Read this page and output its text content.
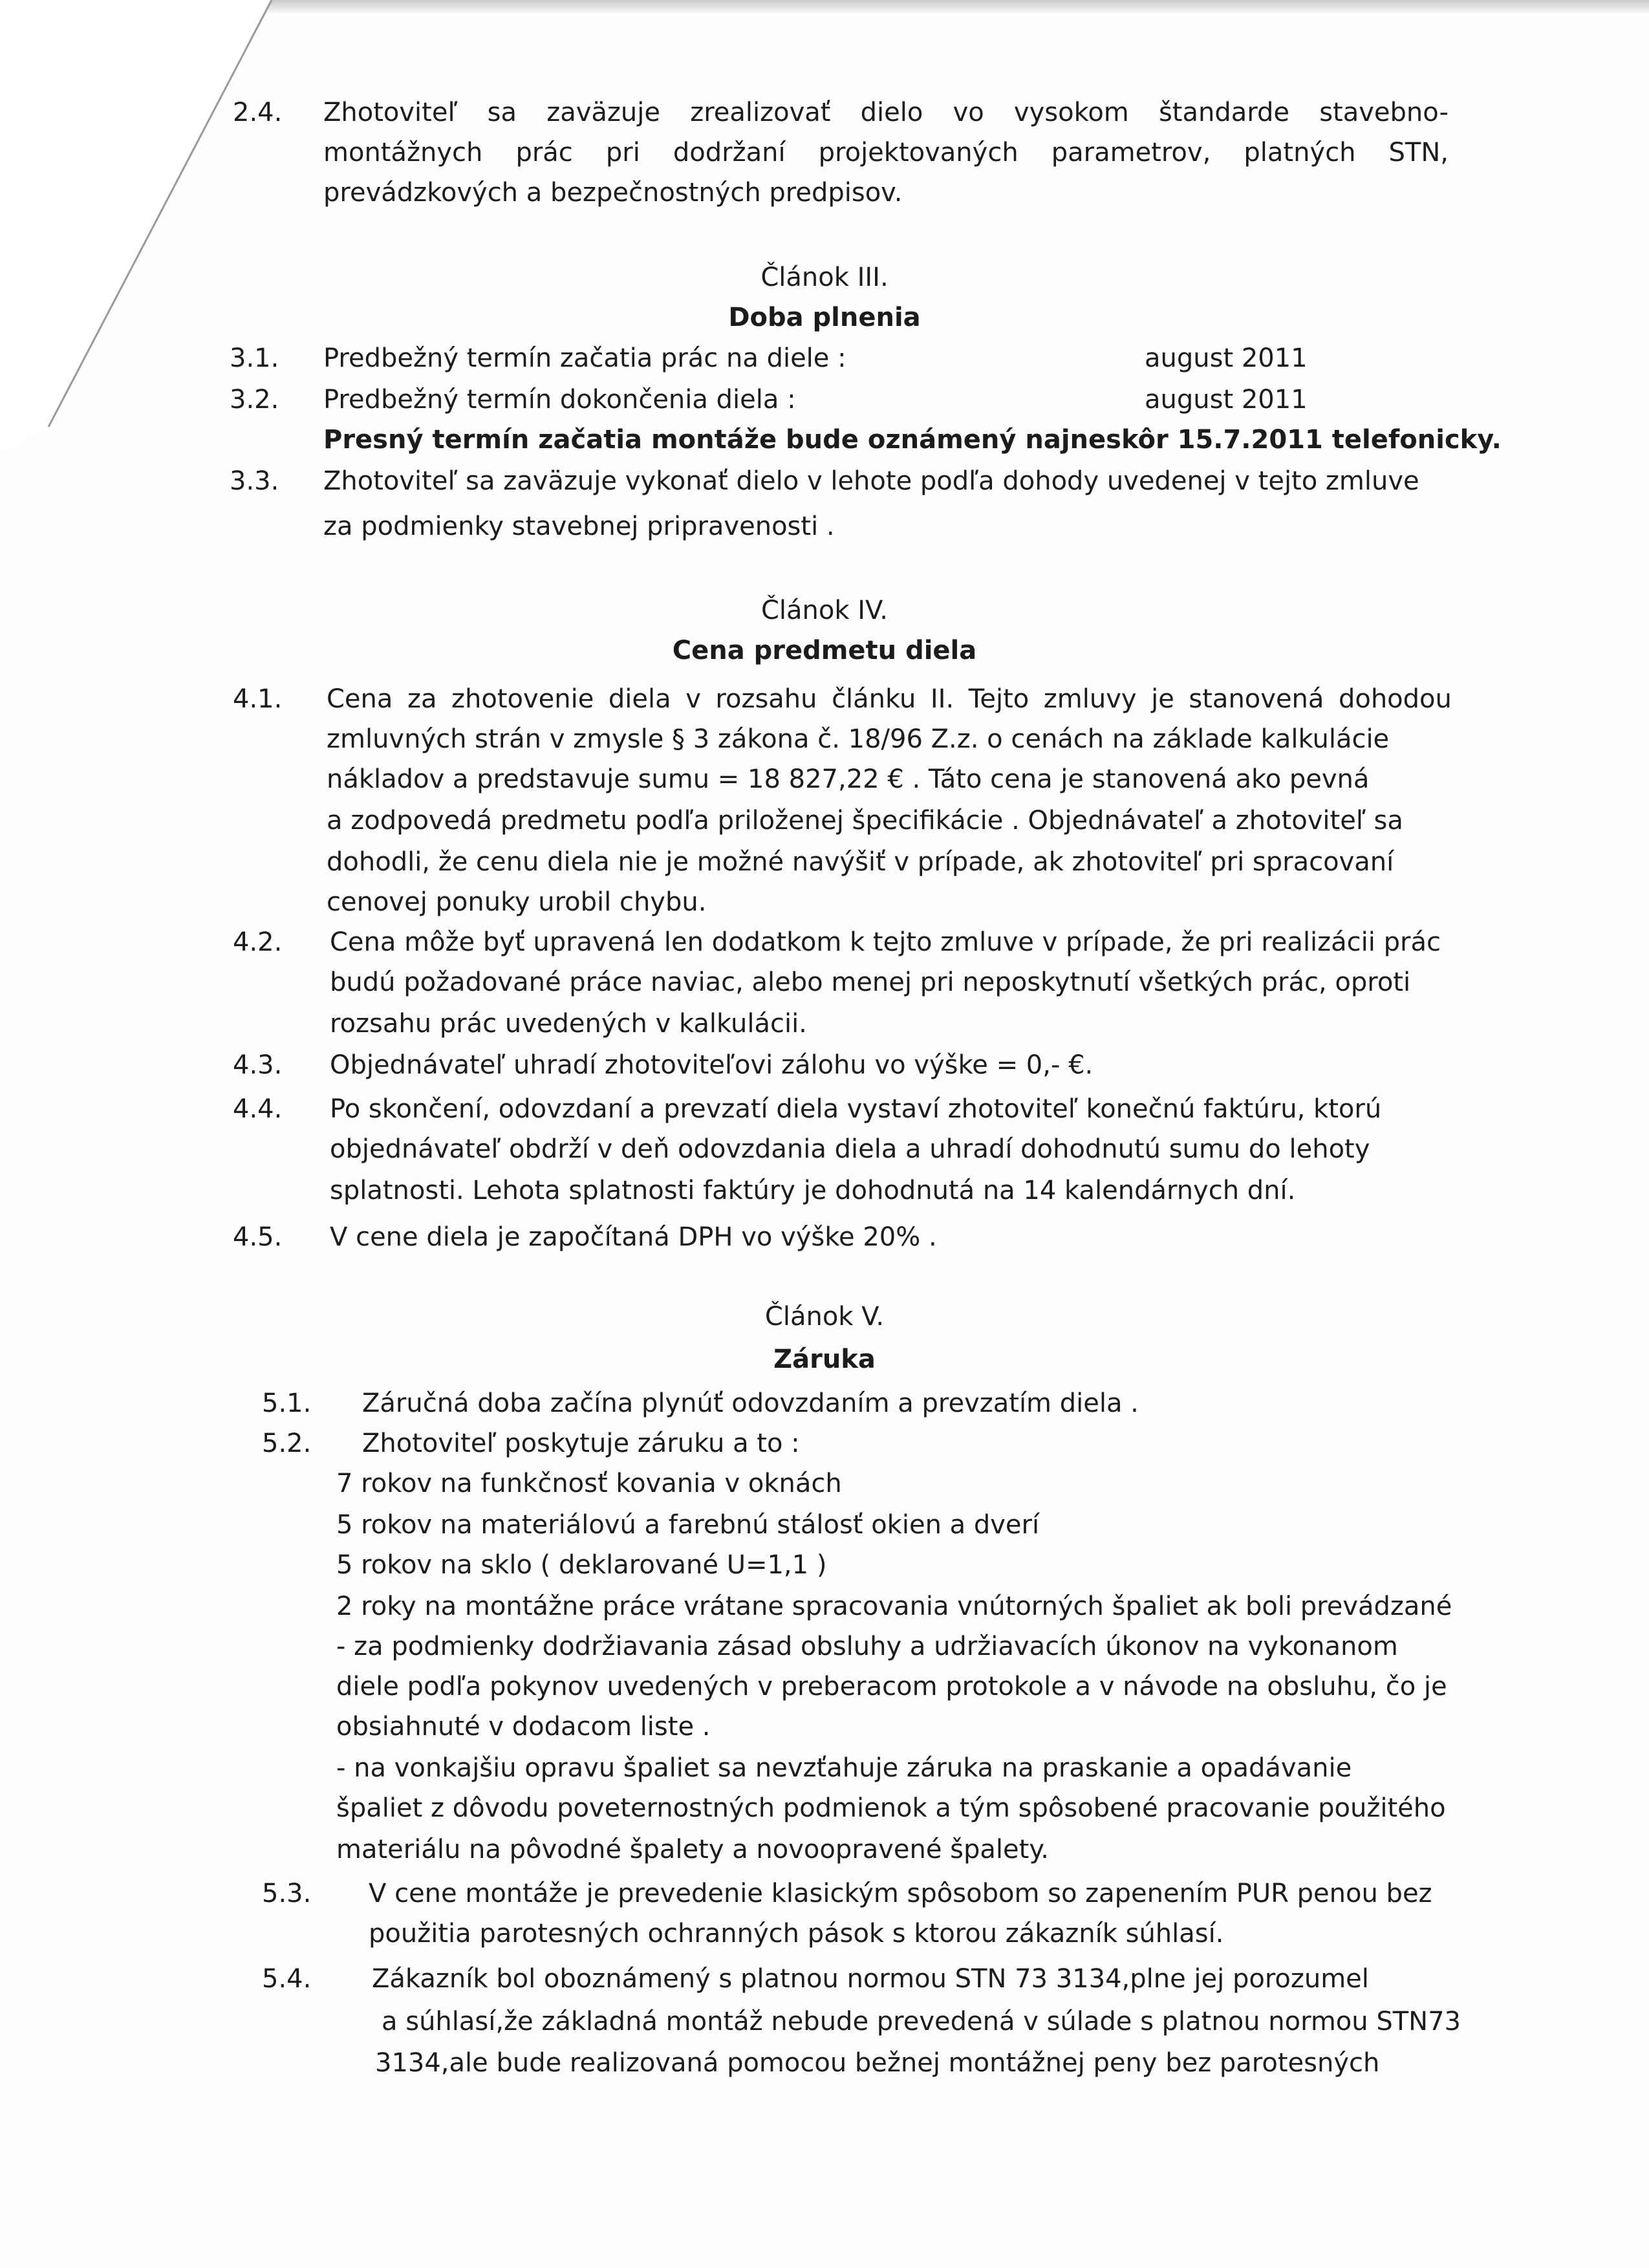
2.4. Zhotoviteľ sa zaväzuje zrealizovať dielo vo vysokom štandarde stavebno-
montážnych prác pri dodržaní projektovaných parametrov, platných STN,
prevádzkových a bezpečnostných predpisov.
Článok III.
Doba plnenia
3.1. Predbežný termín začatia prác na diele :	august 2011
3.2. Predbežný termín dokončenia diela :	august 2011
Presný termín začatia montáže bude oznámený najneskôr 15.7.2011 telefonicky.
3.3. Zhotoviteľ sa zaväzuje vykonať dielo v lehote podľa dohody uvedenej v tejto zmluve
za podmienky stavebnej pripravenosti .
Článok IV.
Cena predmetu diela
4.1. Cena za zhotovenie diela v rozsahu článku II. Tejto zmluvy je stanovená dohodou
zmluvných strán v zmysle § 3 zákona č. 18/96 Z.z. o cenách na základe kalkulácie
nákladov a predstavuje sumu = 18 827,22 € . Táto cena je stanovená ako pevná
a zodpovedá predmetu podľa priloženej špecifikácie . Objednávateľ a zhotoviteľ sa
dohodli, že cenu diela nie je možné navýšiť v prípade, ak zhotoviteľ pri spracovaní
cenovej ponuky urobil chybu.
4.2. Cena môže byť upravená len dodatkom k tejto zmluve v prípade, že pri realizácii prác
budú požadované práce naviac, alebo menej pri neposkytnutí všetkých prác, oproti
rozsahu prác uvedených v kalkulácii.
4.3. Objednávateľ uhradí zhotoviteľovi zálohu vo výške = 0,- €.
4.4. Po skončení, odovzdaní a prevzatí diela vystaví zhotoviteľ konečnú faktúru, ktorú
objednávateľ obdrží v deň odovzdania diela a uhradí dohodnutú sumu do lehoty
splatnosti. Lehota splatnosti faktúry je dohodnutá na 14 kalendárnych dní.
4.5. V cene diela je započítaná DPH vo výške 20% .
Článok V.
Záruka
5.1. Záručná doba začína plynúť odovzdaním a prevzatím diela .
5.2. Zhotoviteľ poskytuje záruku a to :
7 rokov na funkčnosť kovania v oknách
5 rokov na materiálovú a farebnú stálosť okien a dverí
5 rokov na sklo ( deklarované U=1,1 )
2 roky na montážne práce vrátane spracovania vnútorných špaliet ak boli prevádzané
- za podmienky dodržiavania zásad obsluhy a udržiavacích úkonov na vykonanom
diele podľa pokynov uvedených v preberacom protokole a v návode na obsluhu, čo je
obsiahnuté v dodacom liste .
- na vonkajšiu opravu špaliet sa nevzťahuje záruka na praskanie a opadávanie
špaliet z dôvodu poveternostných podmienok a tým spôsobené pracovanie použitého
materiálu na pôvodné špalety a novoopravené špalety.
5.3. V cene montáže je prevedenie klasickým spôsobom so zapenením PUR penou bez
použitia parotesných ochranných pások s ktorou zákazník súhlasí.
5.4. Zákazník bol oboznámený s platnou normou STN 73 3134,plne jej porozumel
a súhlasí,že základná montáž nebude prevedená v súlade s platnou normou STN73
3134,ale bude realizovaná pomocou bežnej montážnej peny bez parotesných
